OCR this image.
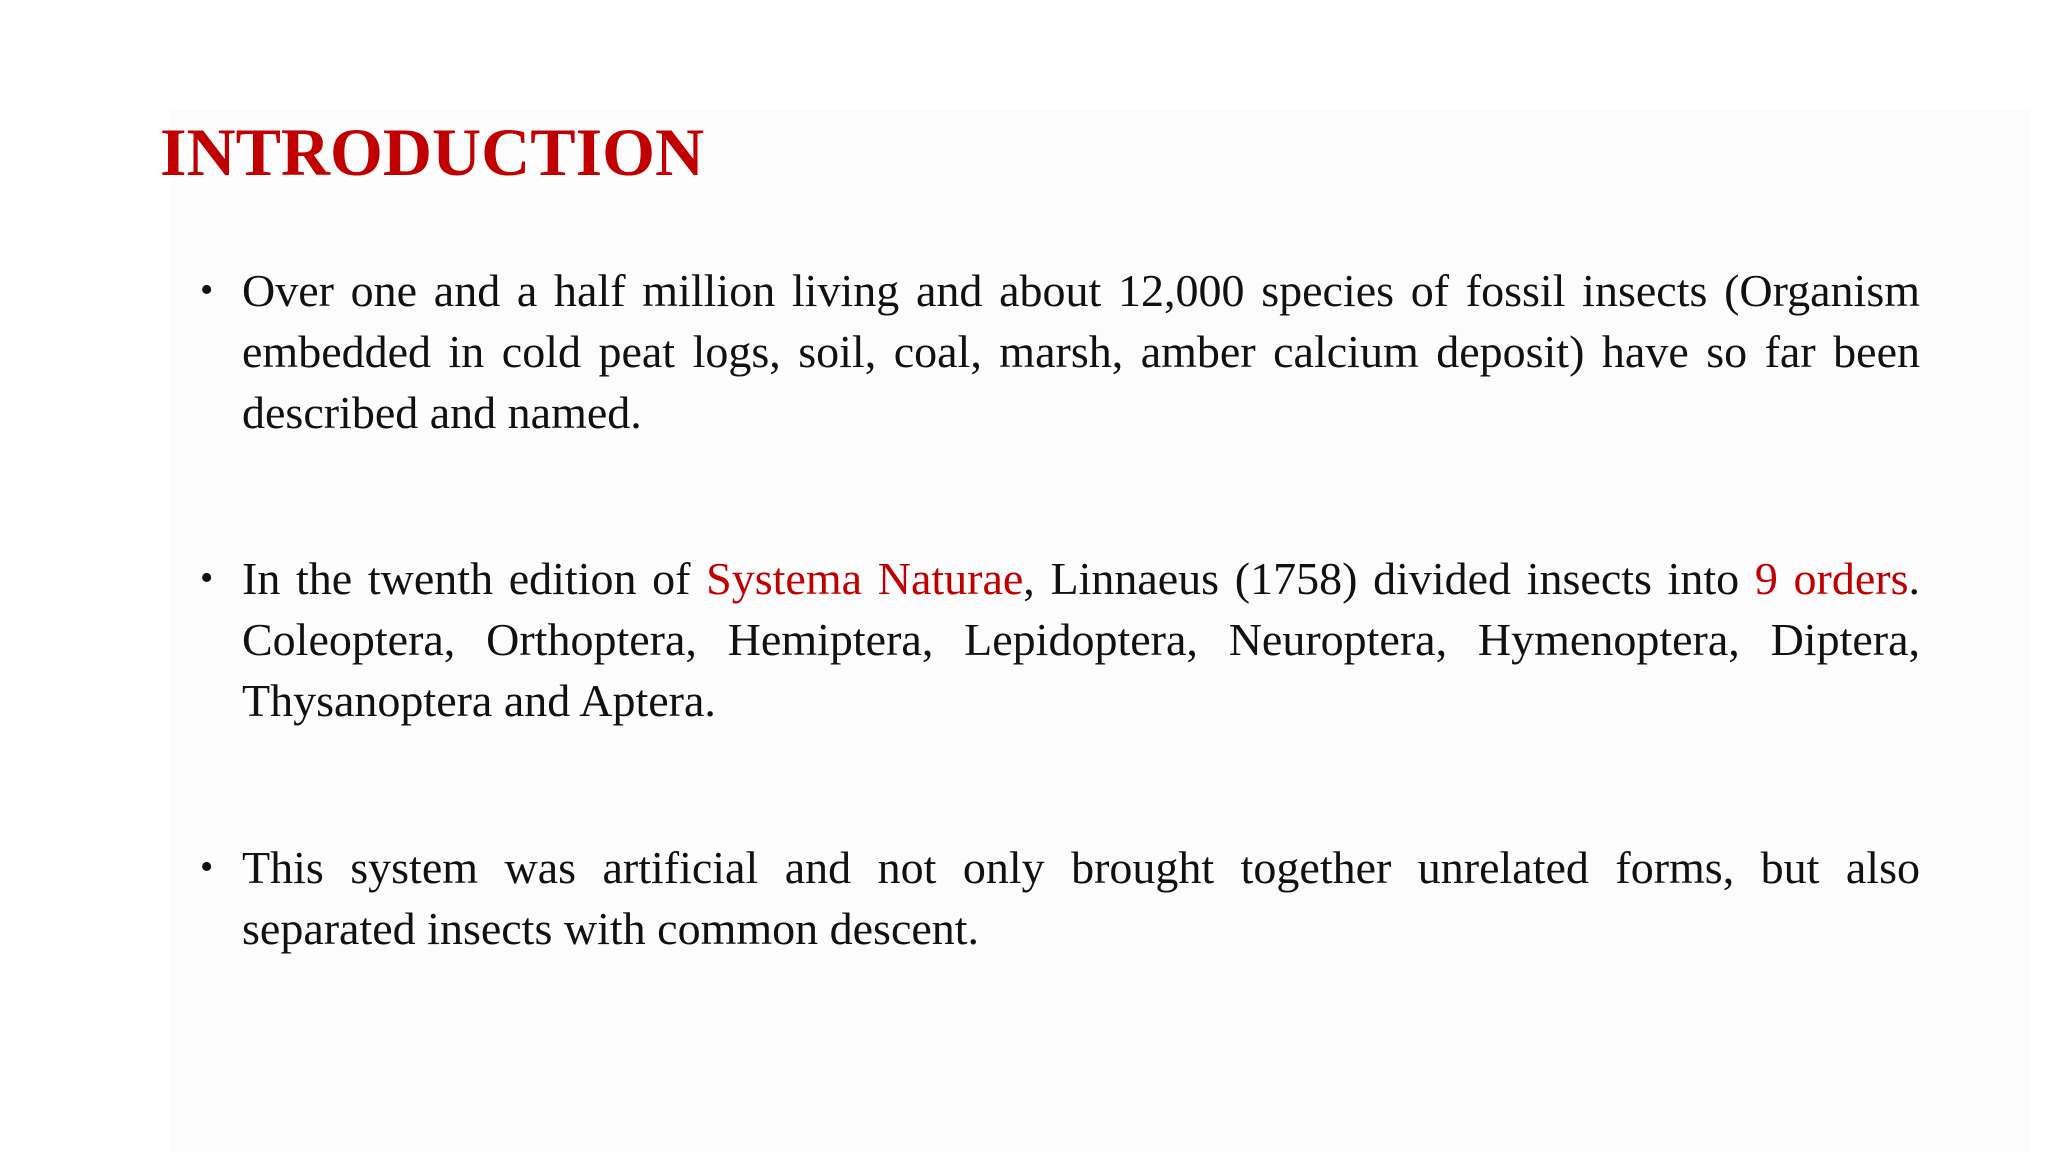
INTRODUCTION
• Over one and a half million living and about 12,000 species of fossil insects (Organism embedded in cold peat logs, soil, coal, marsh, amber calcium deposit) have so far been described and named.
• In the twenth edition of Systema Naturae, Linnaeus (1758) divided insects into 9 orders. Coleoptera, Orthoptera, Hemiptera, Lepidoptera, Neuroptera, Hymenoptera, Diptera, Thysanoptera and Aptera.
• This system was artificial and not only brought together unrelated forms, but also separated insects with common descent.
